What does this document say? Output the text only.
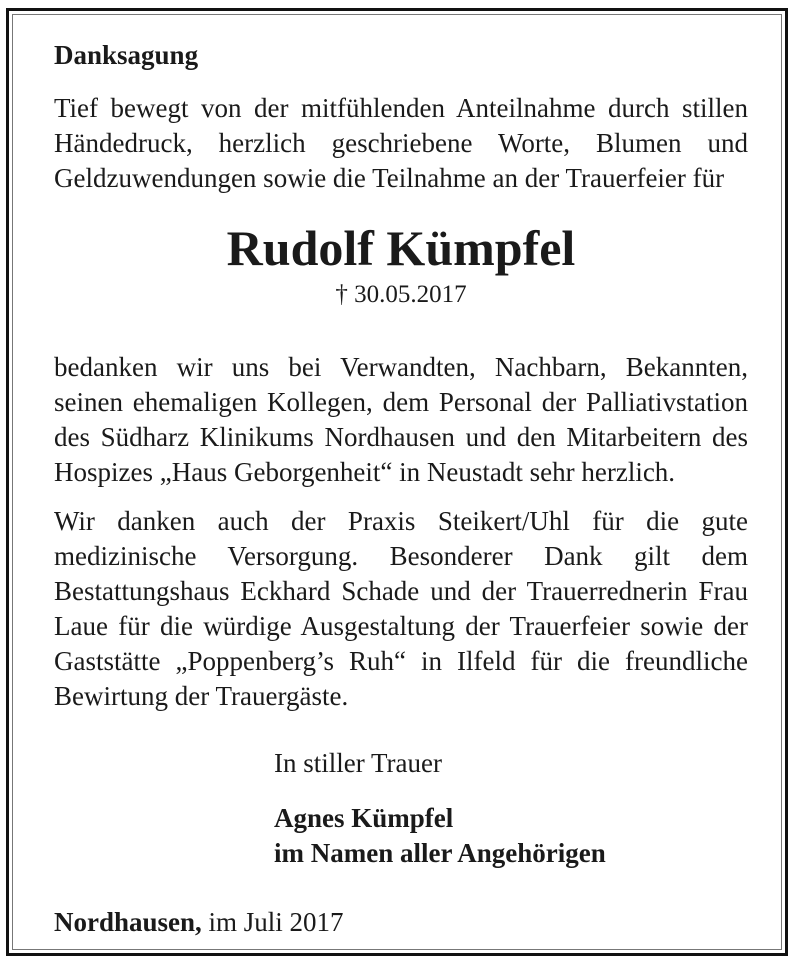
Danksagung

Tief bewegt von der mitfühlenden Anteilnahme durch stillen Händedruck, herzlich geschriebene Worte, Blumen und Geldzuwendungen sowie die Teilnahme an der Trauerfeier für

Rudolf Kümpfel
† 30.05.2017

bedanken wir uns bei Verwandten, Nachbarn, Bekannten, seinen ehemaligen Kollegen, dem Personal der Palliativstation des Südharz Klinikums Nordhausen und den Mitarbeitern des Hospizes „Haus Geborgenheit“ in Neustadt sehr herzlich.

Wir danken auch der Praxis Steikert/Uhl für die gute medizinische Versorgung. Besonderer Dank gilt dem Bestattungshaus Eckhard Schade und der Trauerrednerin Frau Laue für die würdige Ausgestaltung der Trauerfeier sowie der Gaststätte „Poppenberg’s Ruh“ in Ilfeld für die freundliche Bewirtung der Trauergäste.

In stiller Trauer

Agnes Kümpfel

im Namen aller Angehörigen

Nordhausen, im Juli 2017
